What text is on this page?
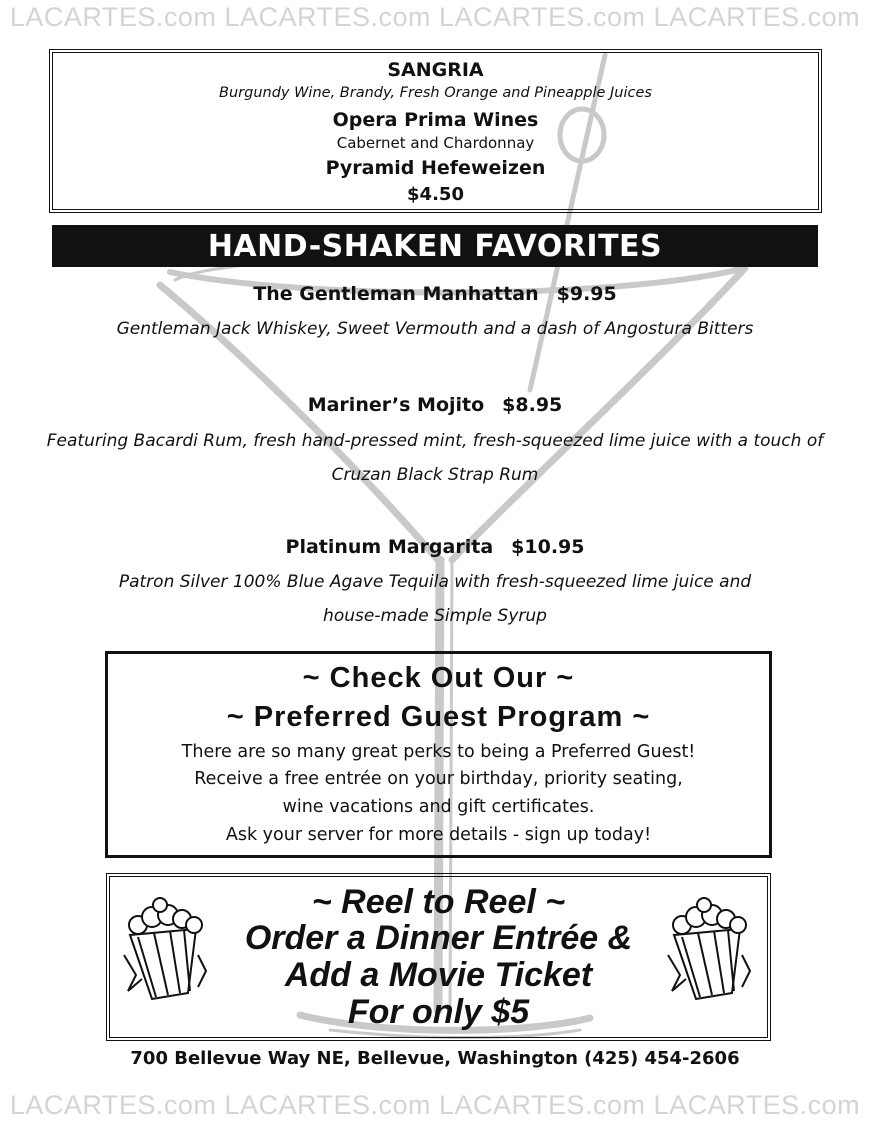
LACARTES.com LACARTES.com LACARTES.com LACARTES.com
SANGRIA
Burgundy Wine, Brandy, Fresh Orange and Pineapple Juices
Opera Prima Wines
Cabernet and Chardonnay
Pyramid Hefeweizen
$4.50
HAND-SHAKEN FAVORITES
The Gentleman Manhattan $9.95
Gentleman Jack Whiskey, Sweet Vermouth and a dash of Angostura Bitters
Mariner’s Mojito $8.95
Featuring Bacardi Rum, fresh hand-pressed mint, fresh-squeezed lime juice with a touch of
Cruzan Black Strap Rum
Platinum Margarita $10.95
Patron Silver 100% Blue Agave Tequila with fresh-squeezed lime juice and
house-made Simple Syrup
~ Check Out Our ~
~ Preferred Guest Program ~
There are so many great perks to being a Preferred Guest!
Receive a free entrée on your birthday, priority seating,
wine vacations and gift certificates.
Ask your server for more details - sign up today!
~ Reel to Reel ~
Order a Dinner Entrée &
Add a Movie Ticket
For only $5
700 Bellevue Way NE, Bellevue, Washington (425) 454-2606
LACARTES.com LACARTES.com LACARTES.com LACARTES.com
